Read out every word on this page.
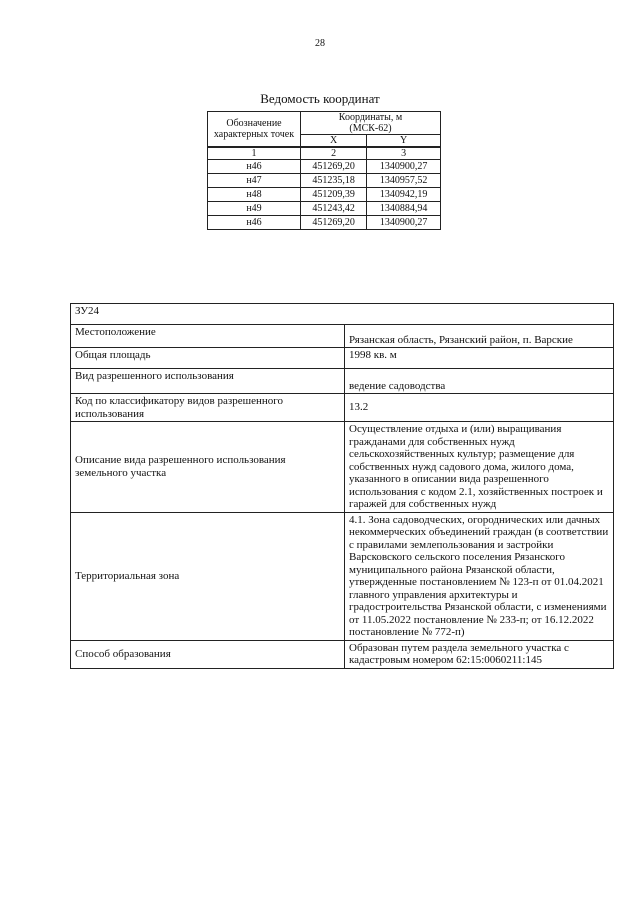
28
Ведомость координат
Обозначение характерных точек	Координаты, м
(МСК-62)	

	X	Y
1	2	3
н46	451269,20	1340900,27
н47	451235,18	1340957,52
н48	451209,39	1340942,19
н49	451243,42	1340884,94
н46	451269,20	1340900,27
ЗУ24	
Местоположение	Рязанская область, Рязанский район, п. Варские
Общая площадь	1998 кв. м
Вид разрешенного использования	ведение садоводства
Код по классификатору видов разрешенного использования	13.2
Описание вида разрешенного использования земельного участка	Осуществление отдыха и (или) выращивания гражданами для собственных нужд сельскохозяйственных культур; размещение для собственных нужд садового дома, жилого дома, указанного в описании вида разрешенного использования с кодом 2.1, хозяйственных построек и гаражей для собственных нужд
Территориальная зона	4.1. Зона садоводческих, огороднических или дачных некоммерческих объединений граждан (в соответствии с правилами землепользования и застройки Варсковского сельского поселения Рязанского муниципального района Рязанской области, утвержденные постановлением № 123-п от 01.04.2021 главного управления архитектуры и градостроительства Рязанской области, с изменениями от 11.05.2022 постановление № 233-п; от 16.12.2022 постановление № 772-п)
Способ образования	Образован путем раздела земельного участка с кадастровым номером 62:15:0060211:145
